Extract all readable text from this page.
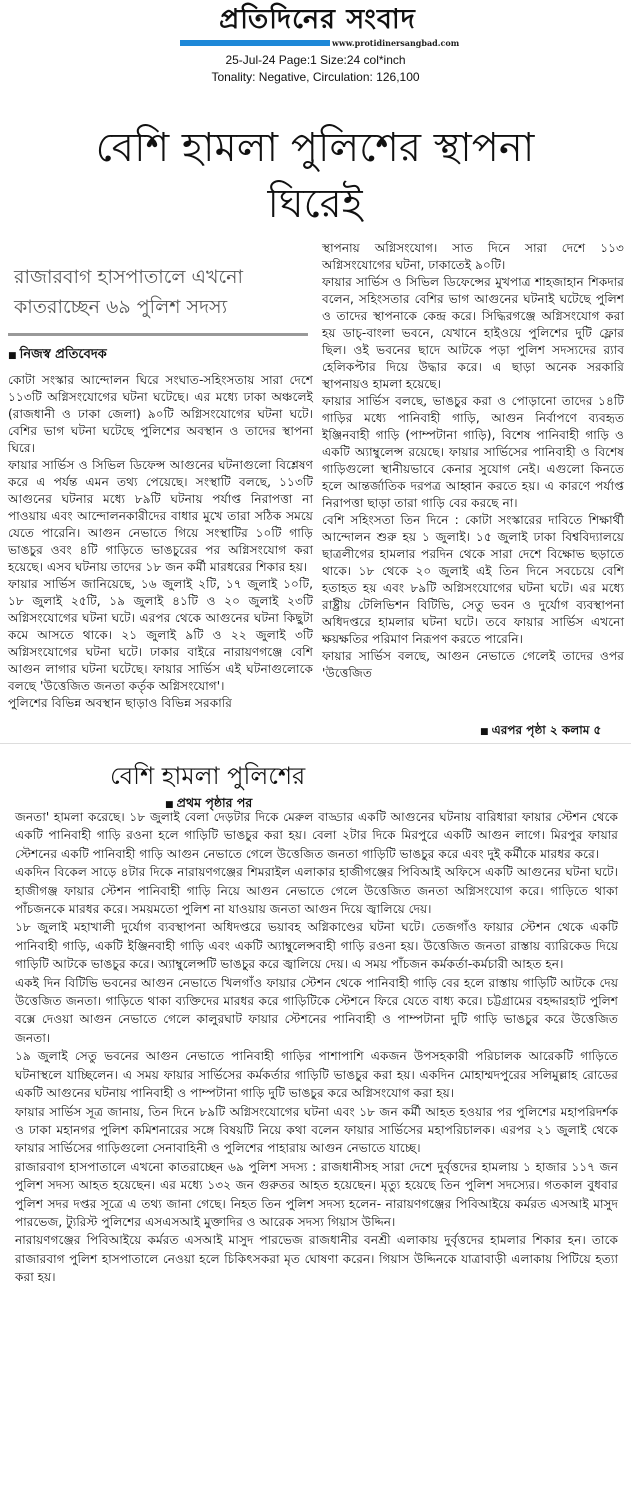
প্রতিদিনের সংবাদ
www.protidinersangbad.com
25-Jul-24 Page:1 Size:24 col*inch
Tonality: Negative, Circulation: 126,100
বেশি হামলা পুলিশের স্থাপনা ঘিরেই
রাজারবাগ হাসপাতালে এখনো কাতরাচ্ছেন ৬৯ পুলিশ সদস্য
■ নিজস্ব প্রতিবেদক

কোটা সংস্কার আন্দোলন ঘিরে সংঘাত-সহিংসতায় সারা দেশে ১১৩টি অগ্নিসংযোগের ঘটনা ঘটেছে। এর মধ্যে ঢাকা অঞ্চলেই (রাজধানী ও ঢাকা জেলা) ৯০টি অগ্নিসংযোগের ঘটনা ঘটে। বেশির ভাগ ঘটনা ঘটেছে পুলিশের অবস্থান ও তাদের স্থাপনা ঘিরে।

ফায়ার সার্ভিস ও সিভিল ডিফেন্স আগুনের ঘটনাগুলো বিশ্লেষণ করে এ পর্যন্ত এমন তথ্য পেয়েছে। সংস্থাটি বলছে, ১১৩টি আগুনের ঘটনার মধ্যে ৮৯টি ঘটনায় পর্যাপ্ত নিরাপত্তা না পাওয়ায় এবং আন্দোলনকারীদের বাধার মুখে তারা সঠিক সময়ে যেতে পারেনি। আগুন নেভাতে গিয়ে সংস্থাটির ১০টি গাড়ি ভাঙচুর ওবং ৪টি গাড়িতে ভাঙচুরের পর অগ্নিসংযোগ করা হয়েছে। এসব ঘটনায় তাদের ১৮ জন কর্মী মারধরের শিকার হয়।

ফায়ার সার্ভিস জানিয়েছে, ১৬ জুলাই ২টি, ১৭ জুলাই ১০টি, ১৮ জুলাই ২৫টি, ১৯ জুলাই ৪১টি ও ২০ জুলাই ২৩টি অগ্নিসংযোগের ঘটনা ঘটে। এরপর থেকে আগুনের ঘটনা কিছুটা কমে আসতে থাকে। ২১ জুলাই ৯টি ও ২২ জুলাই ৩টি অগ্নিসংযোগের ঘটনা ঘটে। ঢাকার বাইরে নারায়ণগঞ্জে বেশি আগুন লাগার ঘটনা ঘটেছে। ফায়ার সার্ভিস এই ঘটনাগুলোকে বলছে 'উত্তেজিত জনতা কর্তৃক অগ্নিসংযোগ'।

পুলিশের বিভিন্ন অবস্থান ছাড়াও বিভিন্ন সরকারি

স্থাপনায় অগ্নিসংযোগ। সাত দিনে সারা দেশে ১১৩ অগ্নিসংযোগের ঘটনা, ঢাকাতেই ৯০টি।

ফায়ার সার্ভিস ও সিভিল ডিফেন্সের মুখপাত্র শাহজাহান শিকদার বলেন, সহিংসতার বেশির ভাগ আগুনের ঘটনাই ঘটেছে পুলিশ ও তাদের স্থাপনাকে কেন্দ্র করে। সিদ্ধিরগঞ্জে অগ্নিসংযোগ করা হয় ডাচ্-বাংলা ভবনে, যেখানে হাইওয়ে পুলিশের দুটি ফ্লোর ছিল। ওই ভবনের ছাদে আটকে পড়া পুলিশ সদস্যদের র‍্যাব হেলিকপ্টার দিয়ে উদ্ধার করে। এ ছাড়া অনেক সরকারি স্থাপনায়ও হামলা হয়েছে।

ফায়ার সার্ভিস বলছে, ভাঙচুর করা ও পোড়ানো তাদের ১৪টি গাড়ির মধ্যে পানিবাহী গাড়ি, আগুন নির্বাপণে ব্যবহৃত ইঞ্জিনবাহী গাড়ি (পাম্পটানা গাড়ি), বিশেষ পানিবাহী গাড়ি ও একটি অ্যাম্বুলেন্স রয়েছে। ফায়ার সার্ভিসের পানিবাহী ও বিশেষ গাড়িগুলো স্থানীয়ভাবে কেনার সুযোগ নেই। এগুলো কিনতে হলে আন্তর্জাতিক দরপত্র আহ্বান করতে হয়। এ কারণে পর্যাপ্ত নিরাপত্তা ছাড়া তারা গাড়ি বের করছে না।

বেশি সহিংসতা তিন দিনে : কোটা সংস্কারের দাবিতে শিক্ষার্থী আন্দোলন শুরু হয় ১ জুলাই। ১৫ জুলাই ঢাকা বিশ্ববিদ্যালয়ে ছাত্রলীগের হামলার পরদিন থেকে সারা দেশে বিক্ষোভ ছড়াতে থাকে। ১৮ থেকে ২০ জুলাই এই তিন দিনে সবচেয়ে বেশি হতাহত হয় এবং ৮৯টি অগ্নিসংযোগের ঘটনা ঘটে। এর মধ্যে রাষ্ট্রীয় টেলিভিশন বিটিভি, সেতু ভবন ও দুর্যোগ ব্যবস্থাপনা অধিদপ্তরে হামলার ঘটনা ঘটে। তবে ফায়ার সার্ভিস এখনো ক্ষয়ক্ষতির পরিমাণ নিরূপণ করতে পারেনি।

ফায়ার সার্ভিস বলছে, আগুন নেভাতে গেলেই তাদের ওপর 'উত্তেজিত

■ এরপর পৃষ্ঠা ২ কলাম ৫
বেশি হামলা পুলিশের
■ প্রথম পৃষ্ঠার পর

জনতা' হামলা করেছে। ১৮ জুলাই বেলা দেড়টার দিকে মেরুল বাড্ডার একটি আগুনের ঘটনায় বারিধারা ফায়ার স্টেশন থেকে একটি পানিবাহী গাড়ি রওনা হলে গাড়িটি ভাঙচুর করা হয়। বেলা ২টার দিকে মিরপুরে একটি আগুন লাগে। মিরপুর ফায়ার স্টেশনের একটি পানিবাহী গাড়ি আগুন নেভাতে গেলে উত্তেজিত জনতা গাড়িটি ভাঙচুর করে এবং দুই কর্মীকে মারধর করে।

একদিন বিকেল সাড়ে ৪টার দিকে নারায়ণগঞ্জের শিমরাইল এলাকার হাজীগঞ্জের পিবিআই অফিসে একটি আগুনের ঘটনা ঘটে। হাজীগঞ্জ ফায়ার স্টেশন পানিবাহী গাড়ি নিয়ে আগুন নেভাতে গেলে উত্তেজিত জনতা অগ্নিসংযোগ করে। গাড়িতে থাকা পাঁচজনকে মারধর করে। সময়মতো পুলিশ না যাওয়ায় জনতা আগুন দিয়ে জ্বালিয়ে দেয়।

১৮ জুলাই মহাখালী দুর্যোগ ব্যবস্থাপনা অধিদপ্তরে ভয়াবহ অগ্নিকাণ্ডের ঘটনা ঘটে। তেজগাঁও ফায়ার স্টেশন থেকে একটি পানিবাহী গাড়ি, একটি ইঞ্জিনবাহী গাড়ি এবং একটি অ্যাম্বুলেন্সবাহী গাড়ি রওনা হয়। উত্তেজিত জনতা রাস্তায় ব্যারিকেড দিয়ে গাড়িটি আটকে ভাঙচুর করে। অ্যাম্বুলেন্সটি ভাঙচুর করে জ্বালিয়ে দেয়। এ সময় পাঁচজন কর্মকর্তা-কর্মচারী আহত হন।

একই দিন বিটিভি ভবনের আগুন নেভাতে খিলগাঁও ফায়ার স্টেশন থেকে পানিবাহী গাড়ি বের হলে রাস্তায় গাড়িটি আটকে দেয় উত্তেজিত জনতা। গাড়িতে থাকা ব্যক্তিদের মারধর করে গাড়িটিকে স্টেশনে ফিরে যেতে বাধ্য করে। চট্টগ্রামের বহদ্দারহাট পুলিশ বক্সে দেওয়া আগুন নেভাতে গেলে কালুরঘাট ফায়ার স্টেশনের পানিবাহী ও পাম্পটানা দুটি গাড়ি ভাঙচুর করে উত্তেজিত জনতা।

১৯ জুলাই সেতু ভবনের আগুন নেভাতে পানিবাহী গাড়ির পাশাপাশি একজন উপসহকারী পরিচালক আরেকটি গাড়িতে ঘটনাস্থলে যাচ্ছিলেন। এ সময় ফায়ার সার্ভিসের কর্মকর্তার গাড়িটি ভাঙচুর করা হয়। একদিন মোহাম্মদপুরের সলিমুল্লাহ রোডের একটি আগুনের ঘটনায় পানিবাহী ও পাম্পটানা গাড়ি দুটি ভাঙচুর করে অগ্নিসংযোগ করা হয়।

ফায়ার সার্ভিস সূত্র জানায়, তিন দিনে ৮৯টি অগ্নিসংযোগের ঘটনা এবং ১৮ জন কর্মী আহত হওয়ার পর পুলিশের মহাপরিদর্শক ও ঢাকা মহানগর পুলিশ কমিশনারের সঙ্গে বিষয়টি নিয়ে কথা বলেন ফায়ার সার্ভিসের মহাপরিচালক। এরপর ২১ জুলাই থেকে ফায়ার সার্ভিসের গাড়িগুলো সেনাবাহিনী ও পুলিশের পাহারায় আগুন নেভাতে যাচ্ছে।

রাজারবাগ হাসপাতালে এখনো কাতরাচ্ছেন ৬৯ পুলিশ সদস্য : রাজধানীসহ সারা দেশে দুর্বৃত্তদের হামলায় ১ হাজার ১১৭ জন পুলিশ সদস্য আহত হয়েছেন। এর মধ্যে ১৩২ জন গুরুতর আহত হয়েছেন। মৃত্যু হয়েছে তিন পুলিশ সদস্যের। গতকাল বুধবার পুলিশ সদর দপ্তর সূত্রে এ তথ্য জানা গেছে। নিহত তিন পুলিশ সদস্য হলেন- নারায়ণগঞ্জের পিবিআইয়ে কর্মরত এসআই মাসুদ পারভেজ, ট্যুরিস্ট পুলিশের এসএসআই মুক্তাদির ও আরেক সদস্য গিয়াস উদ্দিন।

নারায়ণগঞ্জের পিবিআইয়ে কর্মরত এসআই মাসুদ পারভেজ রাজধানীর বনশ্রী এলাকায় দুর্বৃত্তদের হামলার শিকার হন। তাকে রাজারবাগ পুলিশ হাসপাতালে নেওয়া হলে চিকিৎসকরা মৃত ঘোষণা করেন। গিয়াস উদ্দিনকে যাত্রাবাড়ী এলাকায় পিটিয়ে হত্যা করা হয়।
